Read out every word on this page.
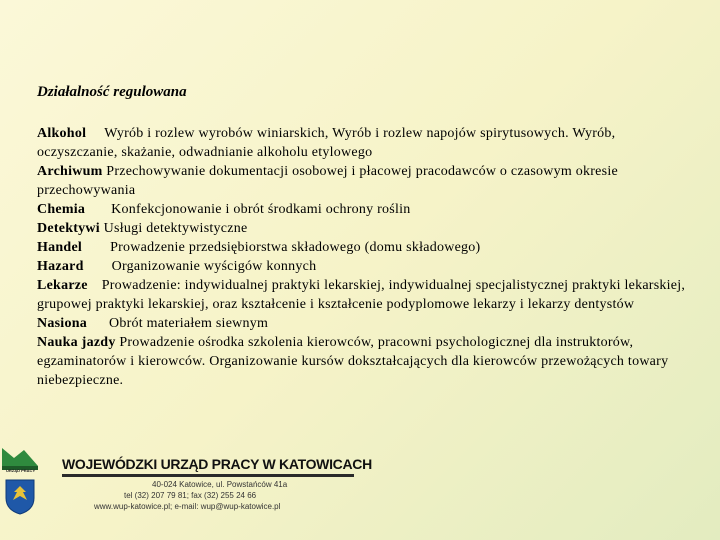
Działalność regulowana

Alkohol Wyrób i rozlew wyrobów winiarskich, Wyrób i rozlew napojów spirytusowych. Wyrób, oczyszczanie, skażanie, odwadnianie alkoholu etylowego

Archiwum Przechowywanie dokumentacji osobowej i płacowej pracodawców o czasowym okresie przechowywania

Chemia Konfekcjonowanie i obrót środkami ochrony roślin

Detektywi Usługi detektywistyczne

Handel Prowadzenie przedsiębiorstwa składowego (domu składowego)

Hazard Organizowanie wyścigów konnych

Lekarze Prowadzenie: indywidualnej praktyki lekarskiej, indywidualnej specjalistycznej praktyki lekarskiej, grupowej praktyki lekarskiej, oraz kształcenie i kształcenie podyplomowe lekarzy i lekarzy dentystów

Nasiona Obrót materiałem siewnym

Nauka jazdy Prowadzenie ośrodka szkolenia kierowców, pracowni psychologicznej dla instruktorów, egzaminatorów i kierowców. Organizowanie kursów dokształcających dla kierowców przewożących towary niebezpieczne.

URZĄD PRACY WOJEWÓDZKI URZĄD PRACY W KATOWICACH
40-024 Katowice, ul. Powstańców 41a
tel (32) 207 79 81; fax (32) 255 24 66
www.wup-katowice.pl; e-mail: wup@wup-katowice.pl
